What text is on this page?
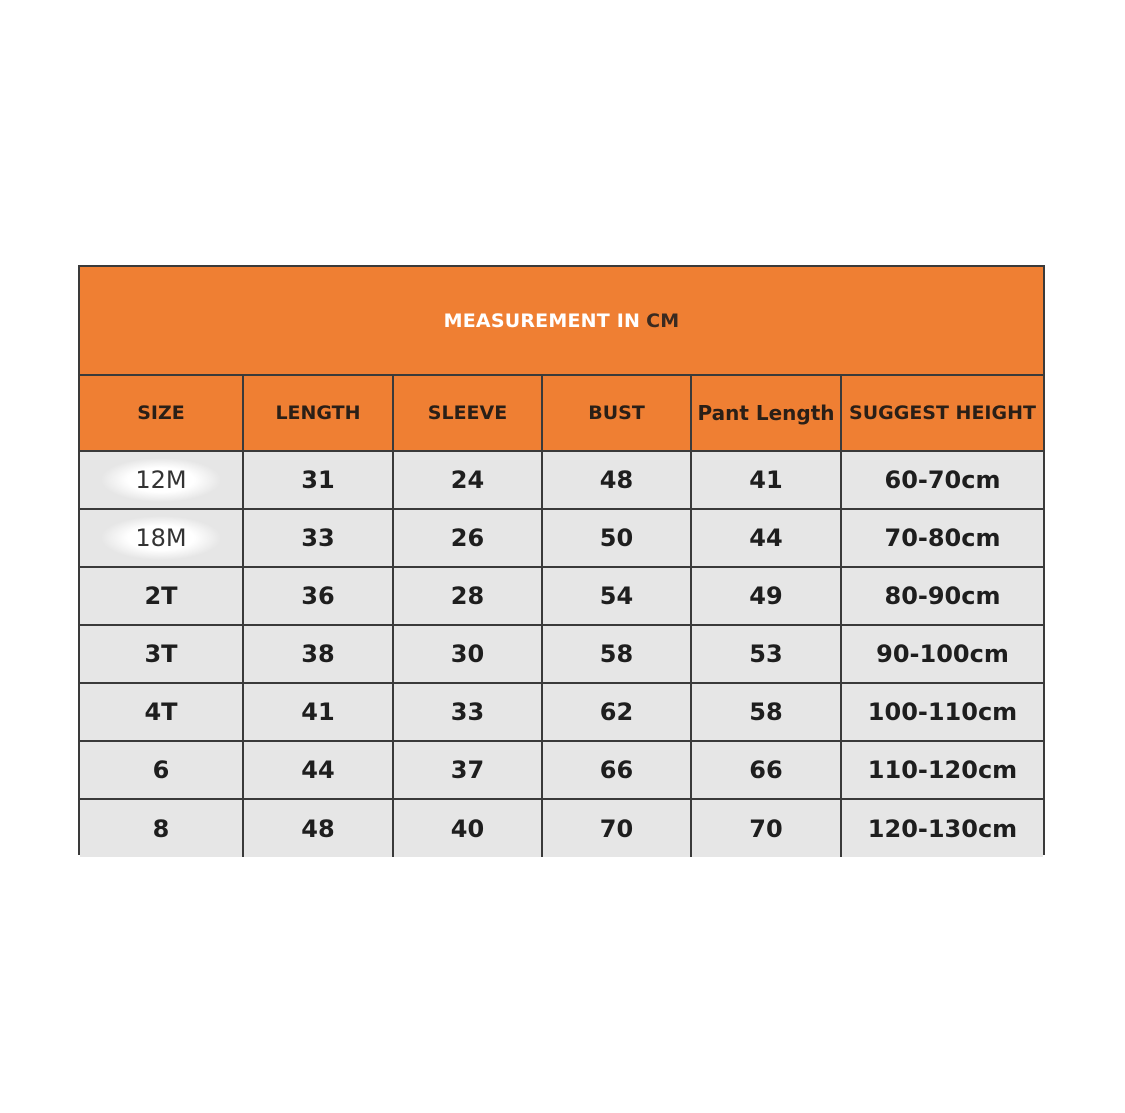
MEASUREMENT IN CM
SIZE	LENGTH	SLEEVE	BUST	Pant Length	SUGGEST HEIGHT
12M	31	24	48	41	60-70cm
18M	33	26	50	44	70-80cm
2T	36	28	54	49	80-90cm
3T	38	30	58	53	90-100cm
4T	41	33	62	58	100-110cm
6	44	37	66	66	110-120cm
8	48	40	70	70	120-130cm
